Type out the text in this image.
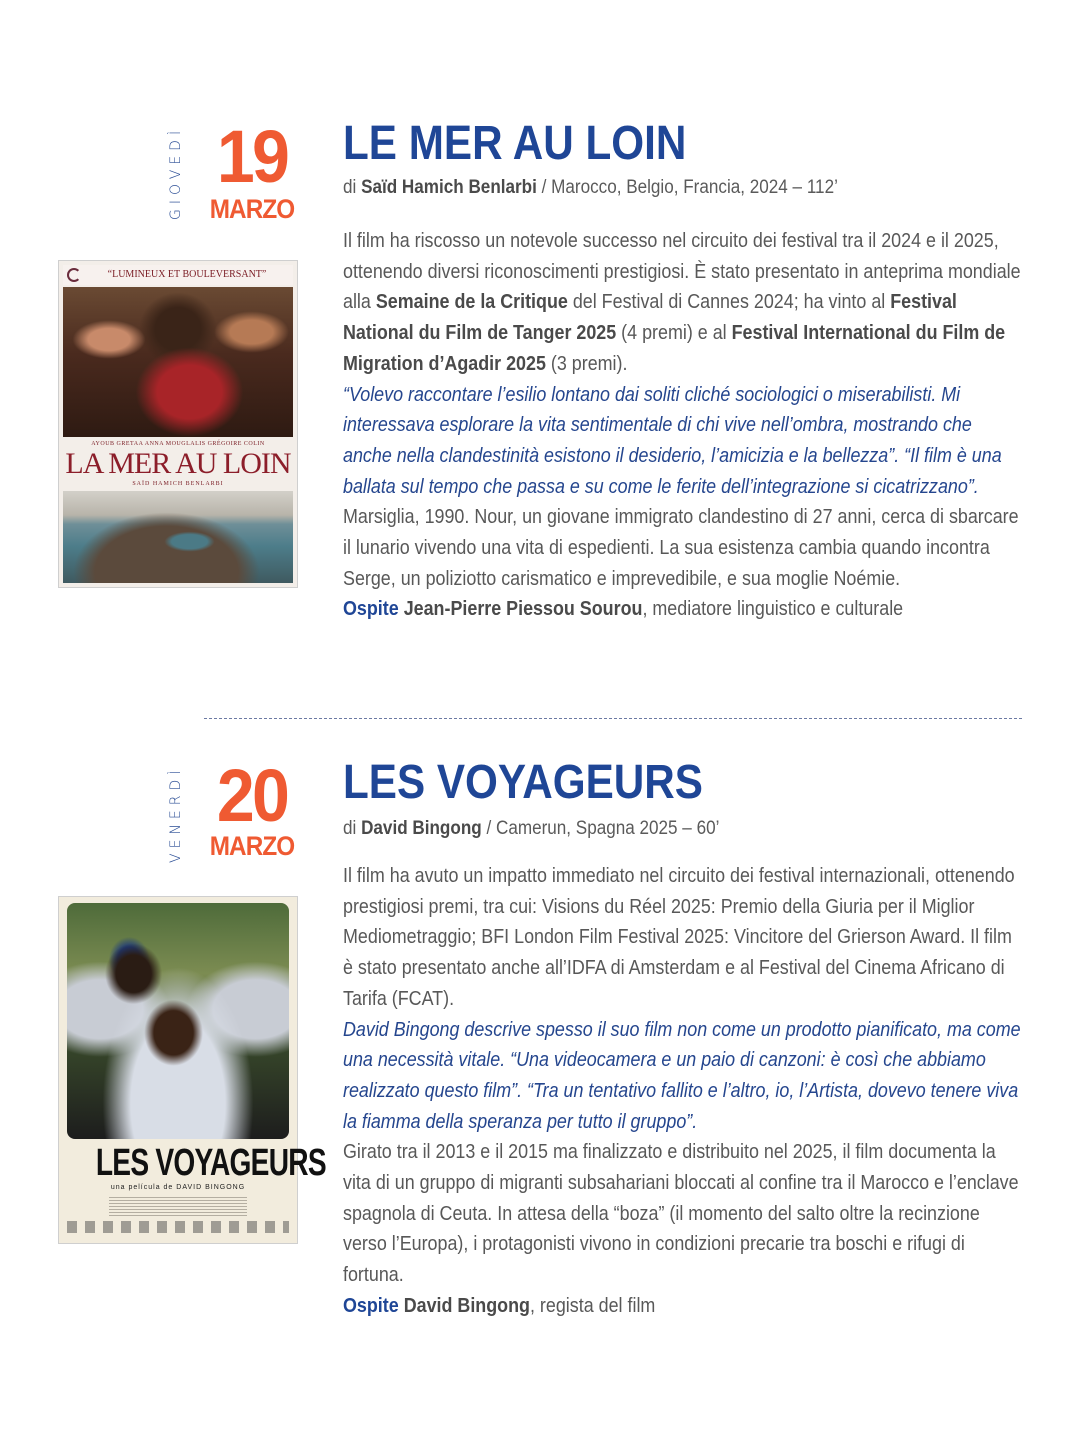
GIOVEDÌ 19
MARZO
LE MER AU LOIN
di Saïd Hamich Benlarbi / Marocco, Belgio, Francia, 2024 – 112’
“LUMINEUX ET BOULEVERSANT”
AYOUB GRETAA ANNA MOUGLALIS GRÉGOIRE COLIN
LA MER AU LOIN
SAÏD HAMICH BENLARBI

Il film ha riscosso un notevole successo nel circuito dei festival tra il 2024 e il 2025, ottenendo diversi riconoscimenti prestigiosi. È stato presentato in anteprima mondiale alla Semaine de la Critique del Festival di Cannes 2024; ha vinto al Festival National du Film de Tanger 2025 (4 premi) e al Festival International du Film de Migration d’Agadir 2025 (3 premi).

“Volevo raccontare l’esilio lontano dai soliti cliché sociologici o miserabilisti. Mi interessava esplorare la vita sentimentale di chi vive nell’ombra, mostrando che anche nella clandestinità esistono il desiderio, l’amicizia e la bellezza”. “Il film è una ballata sul tempo che passa e su come le ferite dell’integrazione si cicatrizzano”.

Marsiglia, 1990. Nour, un giovane immigrato clandestino di 27 anni, cerca di sbarcare il lunario vivendo una vita di espedienti. La sua esistenza cambia quando incontra Serge, un poliziotto carismatico e imprevedibile, e sua moglie Noémie.

Ospite Jean-Pierre Piessou Sourou, mediatore linguistico e culturale

VENERDÌ 20
MARZO
LES VOYAGEURS
di David Bingong / Camerun, Spagna 2025 – 60’
LES VOYAGEURS
una película de DAVID BINGONG

Il film ha avuto un impatto immediato nel circuito dei festival internazionali, ottenendo prestigiosi premi, tra cui: Visions du Réel 2025: Premio della Giuria per il Miglior Mediometraggio; BFI London Film Festival 2025: Vincitore del Grierson Award. Il film è stato presentato anche all’IDFA di Amsterdam e al Festival del Cinema Africano di Tarifa (FCAT).

David Bingong descrive spesso il suo film non come un prodotto pianificato, ma come una necessità vitale. “Una videocamera e un paio di canzoni: è così che abbiamo realizzato questo film”. “Tra un tentativo fallito e l’altro, io, l’Artista, dovevo tenere viva la fiamma della speranza per tutto il gruppo”.

Girato tra il 2013 e il 2015 ma finalizzato e distribuito nel 2025, il film documenta la vita di un gruppo di migranti subsahariani bloccati al confine tra il Marocco e l’enclave spagnola di Ceuta. In attesa della “boza” (il momento del salto oltre la recinzione verso l’Europa), i protagonisti vivono in condizioni precarie tra boschi e rifugi di fortuna.

Ospite David Bingong, regista del film
